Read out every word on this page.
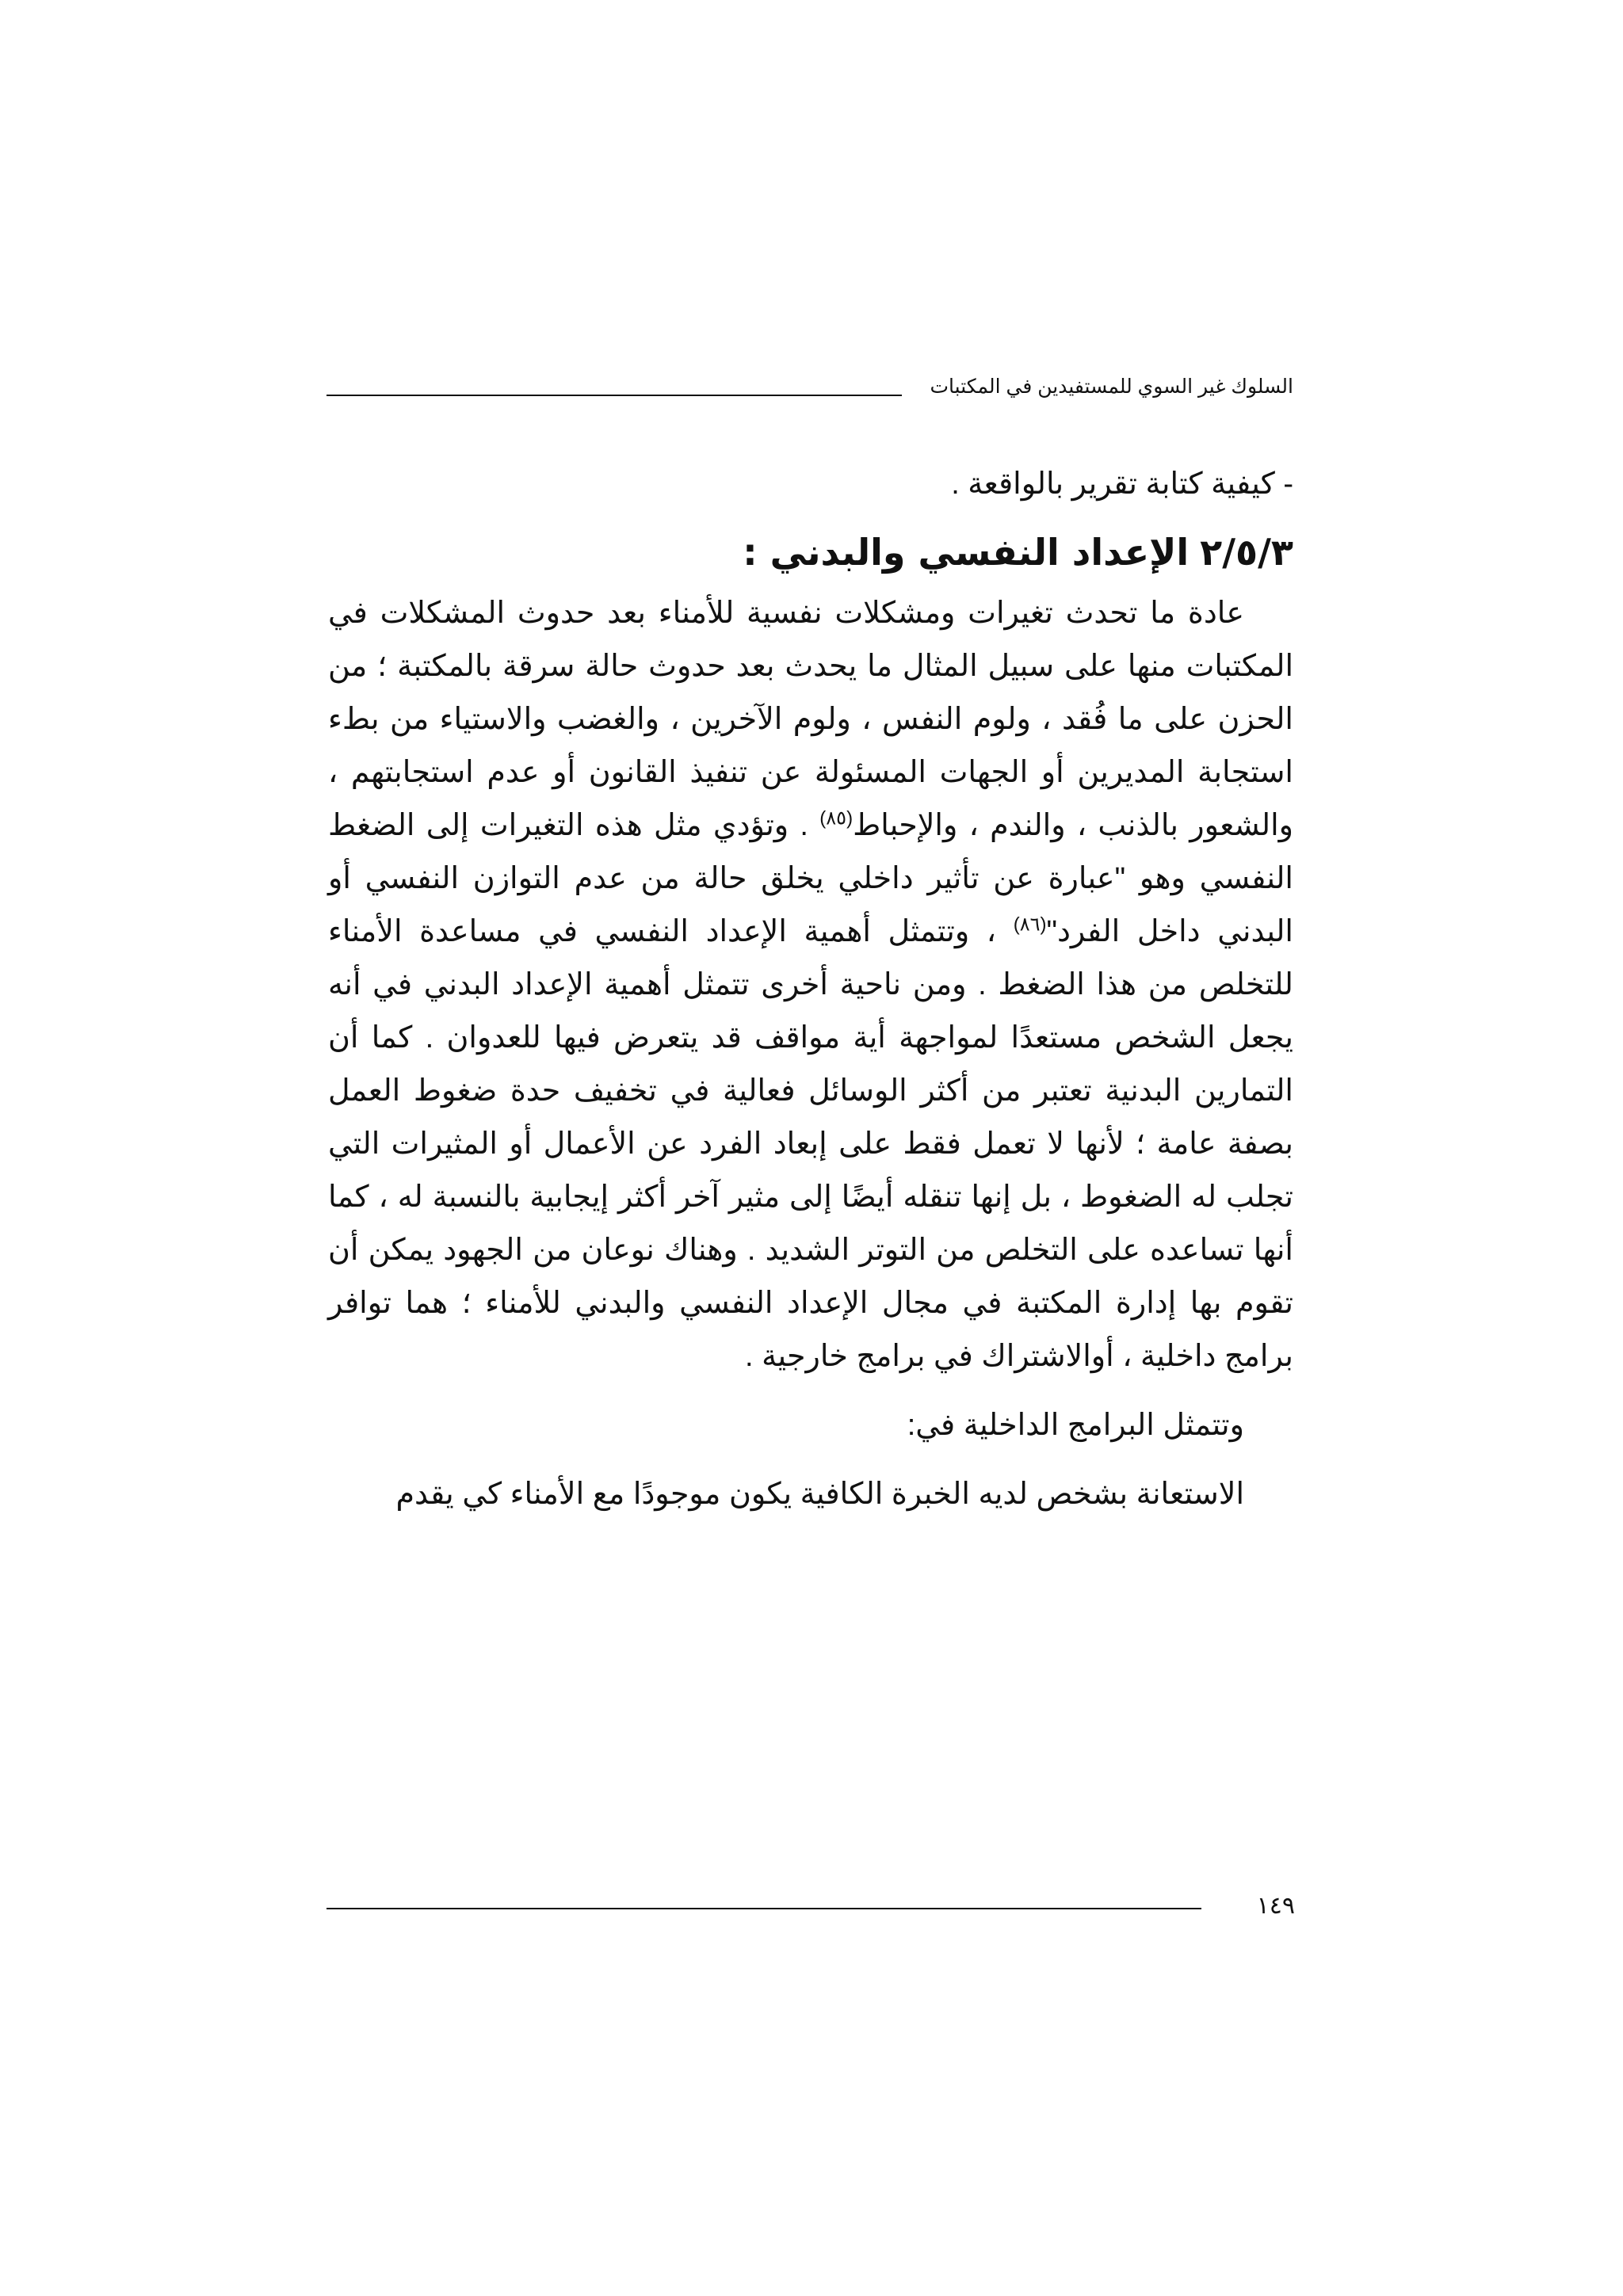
السلوك غير السوي للمستفيدين في المكتبات

- كيفية كتابة تقرير بالواقعة .

٢/٥/٣الإعداد النفسي والبدني :

عادة ما تحدث تغيرات ومشكلات نفسية للأمناء بعد حدوث المشكلات في المكتبات منها على سبيل المثال ما يحدث بعد حدوث حالة سرقة بالمكتبة ؛ من الحزن على ما فُقد ، ولوم النفس ، ولوم الآخرين ، والغضب والاستياء من بطء استجابة المديرين أو الجهات المسئولة عن تنفيذ القانون أو عدم استجابتهم ، والشعور بالذنب ، والندم ، والإحباط$^{(٨٥)}$ . وتؤدي مثل هذه التغيرات إلى الضغط النفسي وهو "عبارة عن تأثير داخلي يخلق حالة من عدم التوازن النفسي أو البدني داخل الفرد"$^{(٨٦)}$ ، وتتمثل أهمية الإعداد النفسي في مساعدة الأمناء للتخلص من هذا الضغط . ومن ناحية أخرى تتمثل أهمية الإعداد البدني في أنه يجعل الشخص مستعدًا لمواجهة أية مواقف قد يتعرض فيها للعدوان . كما أن التمارين البدنية تعتبر من أكثر الوسائل فعالية في تخفيف حدة ضغوط العمل بصفة عامة ؛ لأنها لا تعمل فقط على إبعاد الفرد عن الأعمال أو المثيرات التي تجلب له الضغوط ، بل إنها تنقله أيضًا إلى مثير آخر أكثر إيجابية بالنسبة له ، كما أنها تساعده على التخلص من التوتر الشديد . وهناك نوعان من الجهود يمكن أن تقوم بها إدارة المكتبة في مجال الإعداد النفسي والبدني للأمناء ؛ هما توافر برامج داخلية ، أوالاشتراك في برامج خارجية .

وتتمثل البرامج الداخلية في:

الاستعانة بشخص لديه الخبرة الكافية يكون موجودًا مع الأمناء كي يقدم

١٤٩
